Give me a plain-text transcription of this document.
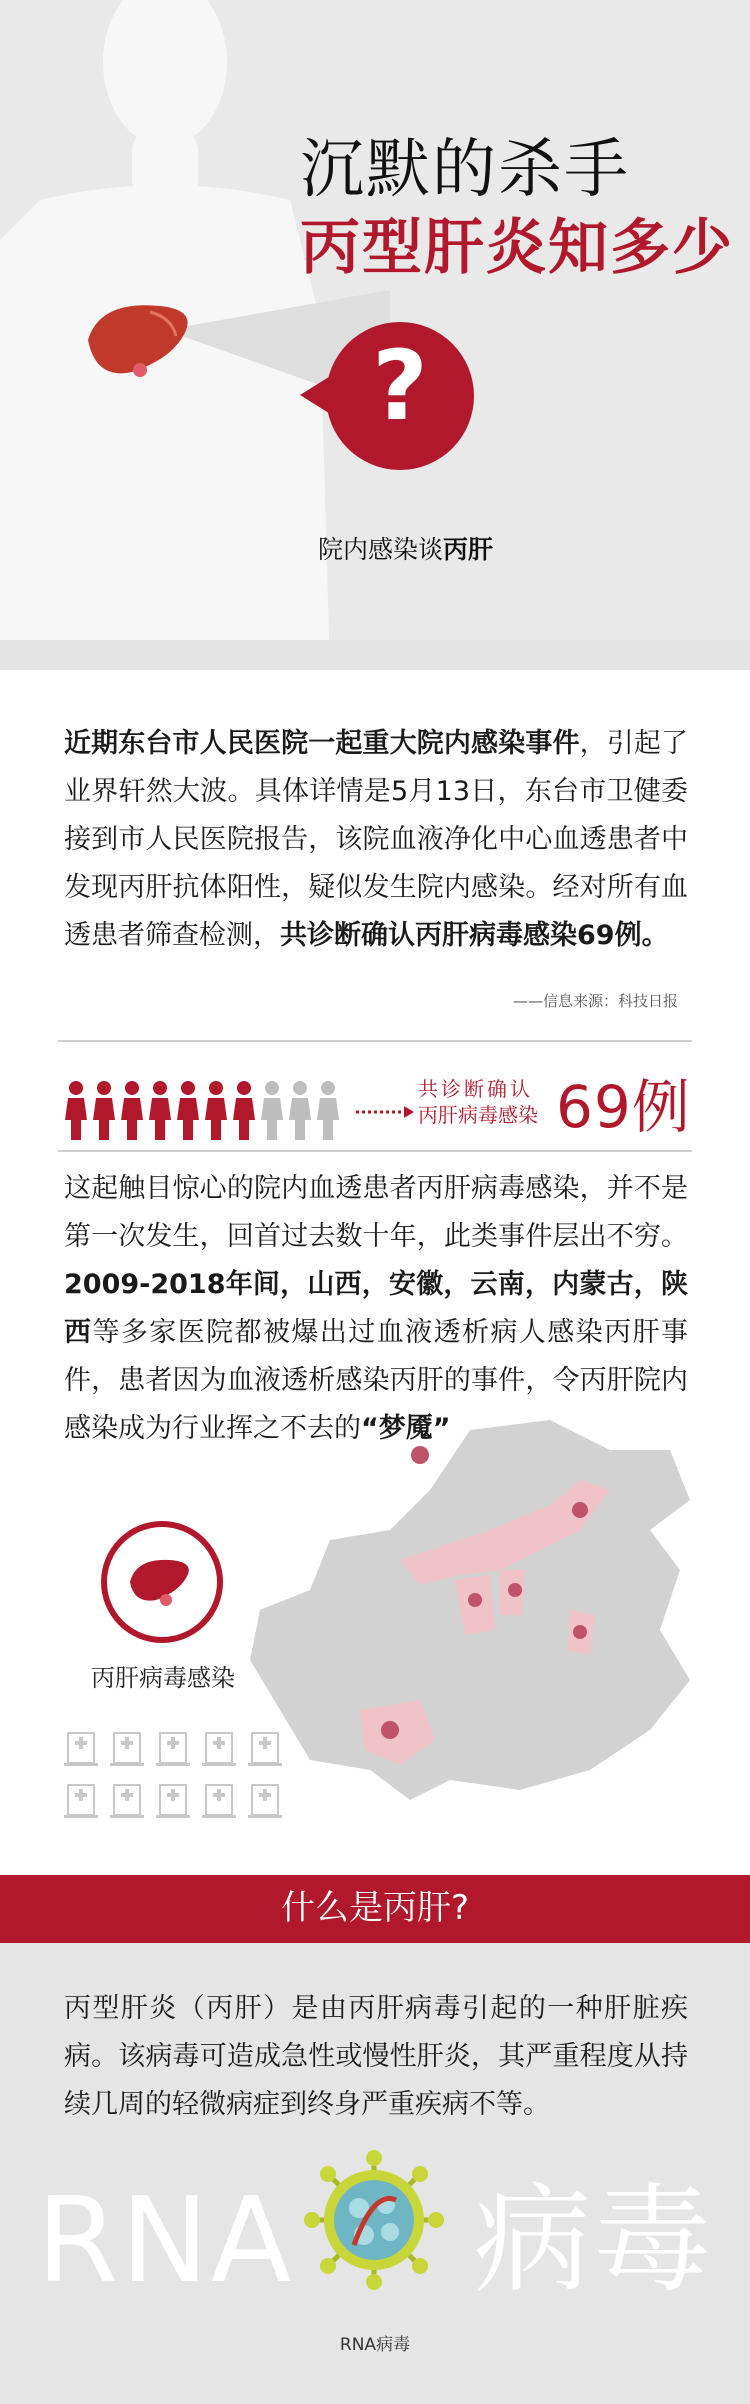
沉默的杀手
丙型肝炎知多少
?
院内感染谈丙肝
近期东台市人民医院一起重大院内感染事件，引起了业界轩然大波。具体详情是5月13日，东台市卫健委接到市人民医院报告，该院血液净化中心血透患者中发现丙肝抗体阳性，疑似发生院内感染。经对所有血透患者筛查检测，共诊断确认丙肝病毒感染69例。
——信息来源：科技日报
共诊断确认
丙肝病毒感染 69例
这起触目惊心的院内血透患者丙肝病毒感染，并不是第一次发生，回首过去数十年，此类事件层出不穷。2009-2018年间，山西，安徽，云南，内蒙古，陕西等多家医院都被爆出过血液透析病人感染丙肝事件，患者因为血液透析感染丙肝的事件，令丙肝院内感染成为行业挥之不去的“梦魇”
丙肝病毒感染
什么是丙肝?
丙型肝炎（丙肝）是由丙肝病毒引起的一种肝脏疾病。该病毒可造成急性或慢性肝炎，其严重程度从持续几周的轻微病症到终身严重疾病不等。
RNA 病毒
RNA病毒
